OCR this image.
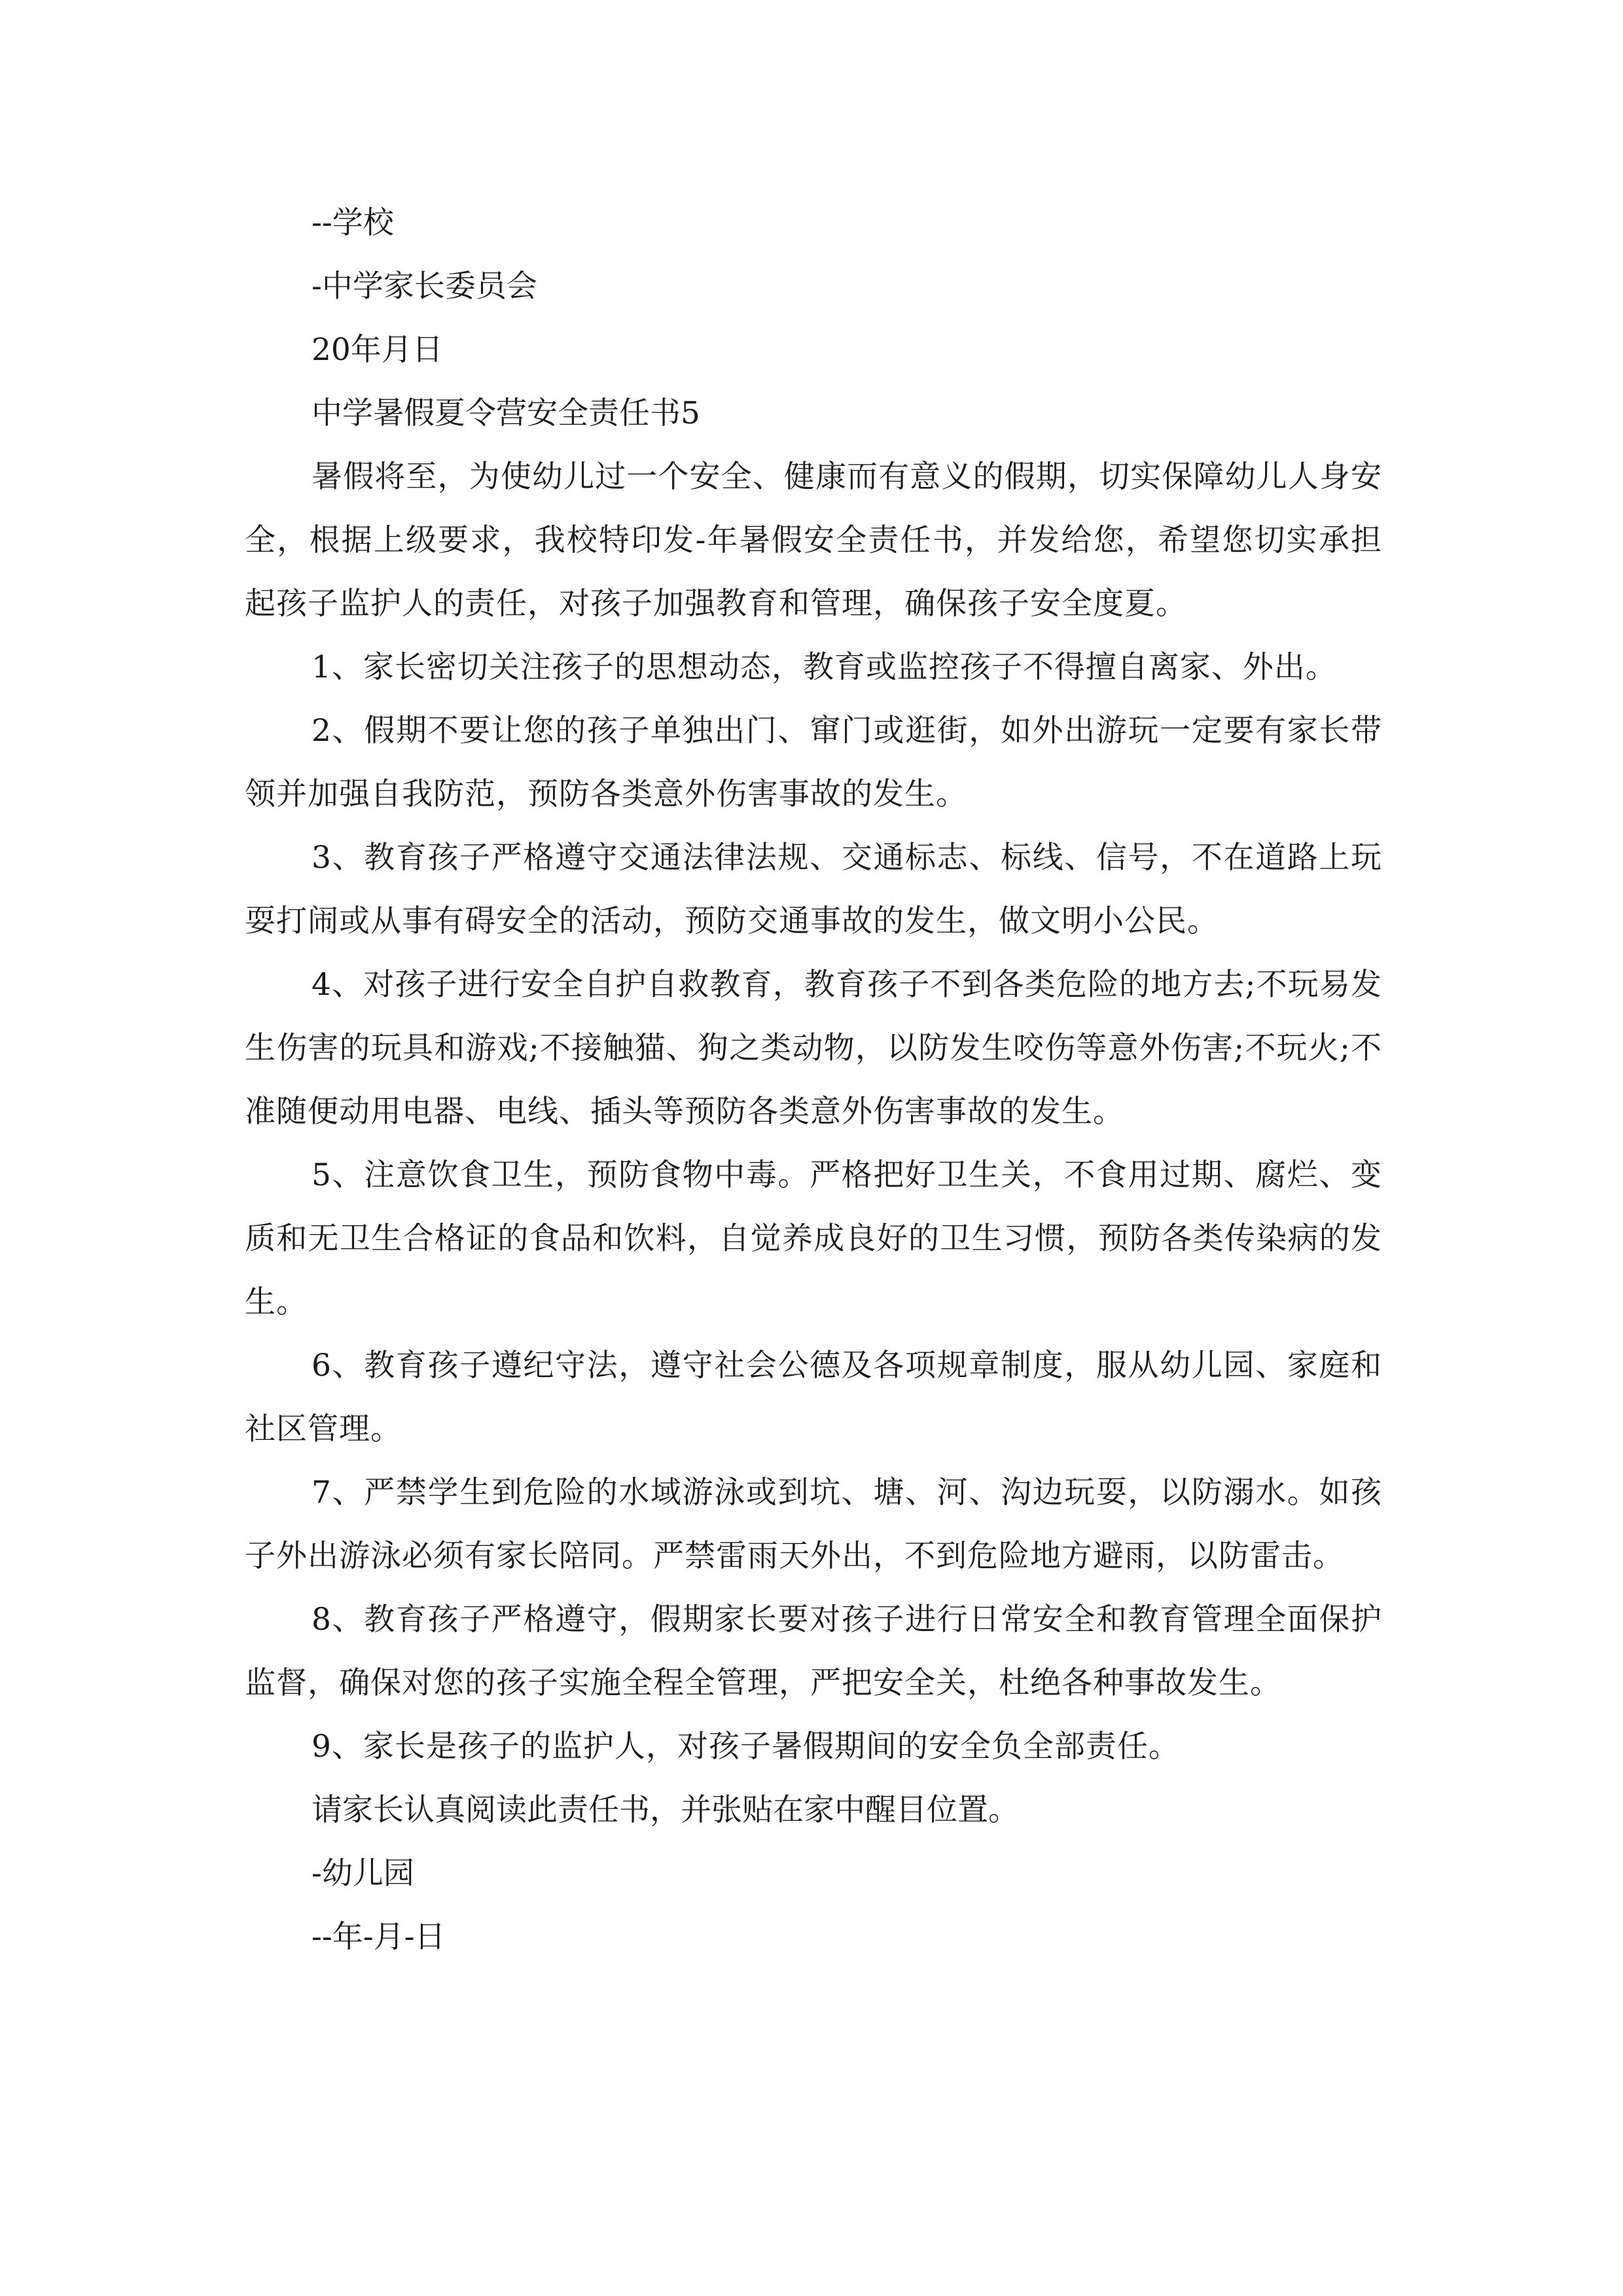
--学校

-中学家长委员会

20年月日

中学暑假夏令营安全责任书5

暑假将至，为使幼儿过一个安全、健康而有意义的假期，切实保障幼儿人身安全，根据上级要求，我校特印发-年暑假安全责任书，并发给您，希望您切实承担起孩子监护人的责任，对孩子加强教育和管理，确保孩子安全度夏。

1、家长密切关注孩子的思想动态，教育或监控孩子不得擅自离家、外出。

2、假期不要让您的孩子单独出门、窜门或逛街，如外出游玩一定要有家长带领并加强自我防范，预防各类意外伤害事故的发生。

3、教育孩子严格遵守交通法律法规、交通标志、标线、信号，不在道路上玩耍打闹或从事有碍安全的活动，预防交通事故的发生，做文明小公民。

4、对孩子进行安全自护自救教育，教育孩子不到各类危险的地方去;不玩易发生伤害的玩具和游戏;不接触猫、狗之类动物，以防发生咬伤等意外伤害;不玩火;不准随便动用电器、电线、插头等预防各类意外伤害事故的发生。

5、注意饮食卫生，预防食物中毒。严格把好卫生关，不食用过期、腐烂、变质和无卫生合格证的食品和饮料，自觉养成良好的卫生习惯，预防各类传染病的发生。

6、教育孩子遵纪守法，遵守社会公德及各项规章制度，服从幼儿园、家庭和社区管理。

7、严禁学生到危险的水域游泳或到坑、塘、河、沟边玩耍，以防溺水。如孩子外出游泳必须有家长陪同。严禁雷雨天外出，不到危险地方避雨，以防雷击。

8、教育孩子严格遵守，假期家长要对孩子进行日常安全和教育管理全面保护监督，确保对您的孩子实施全程全管理，严把安全关，杜绝各种事故发生。

9、家长是孩子的监护人，对孩子暑假期间的安全负全部责任。

请家长认真阅读此责任书，并张贴在家中醒目位置。

-幼儿园

--年-月-日
